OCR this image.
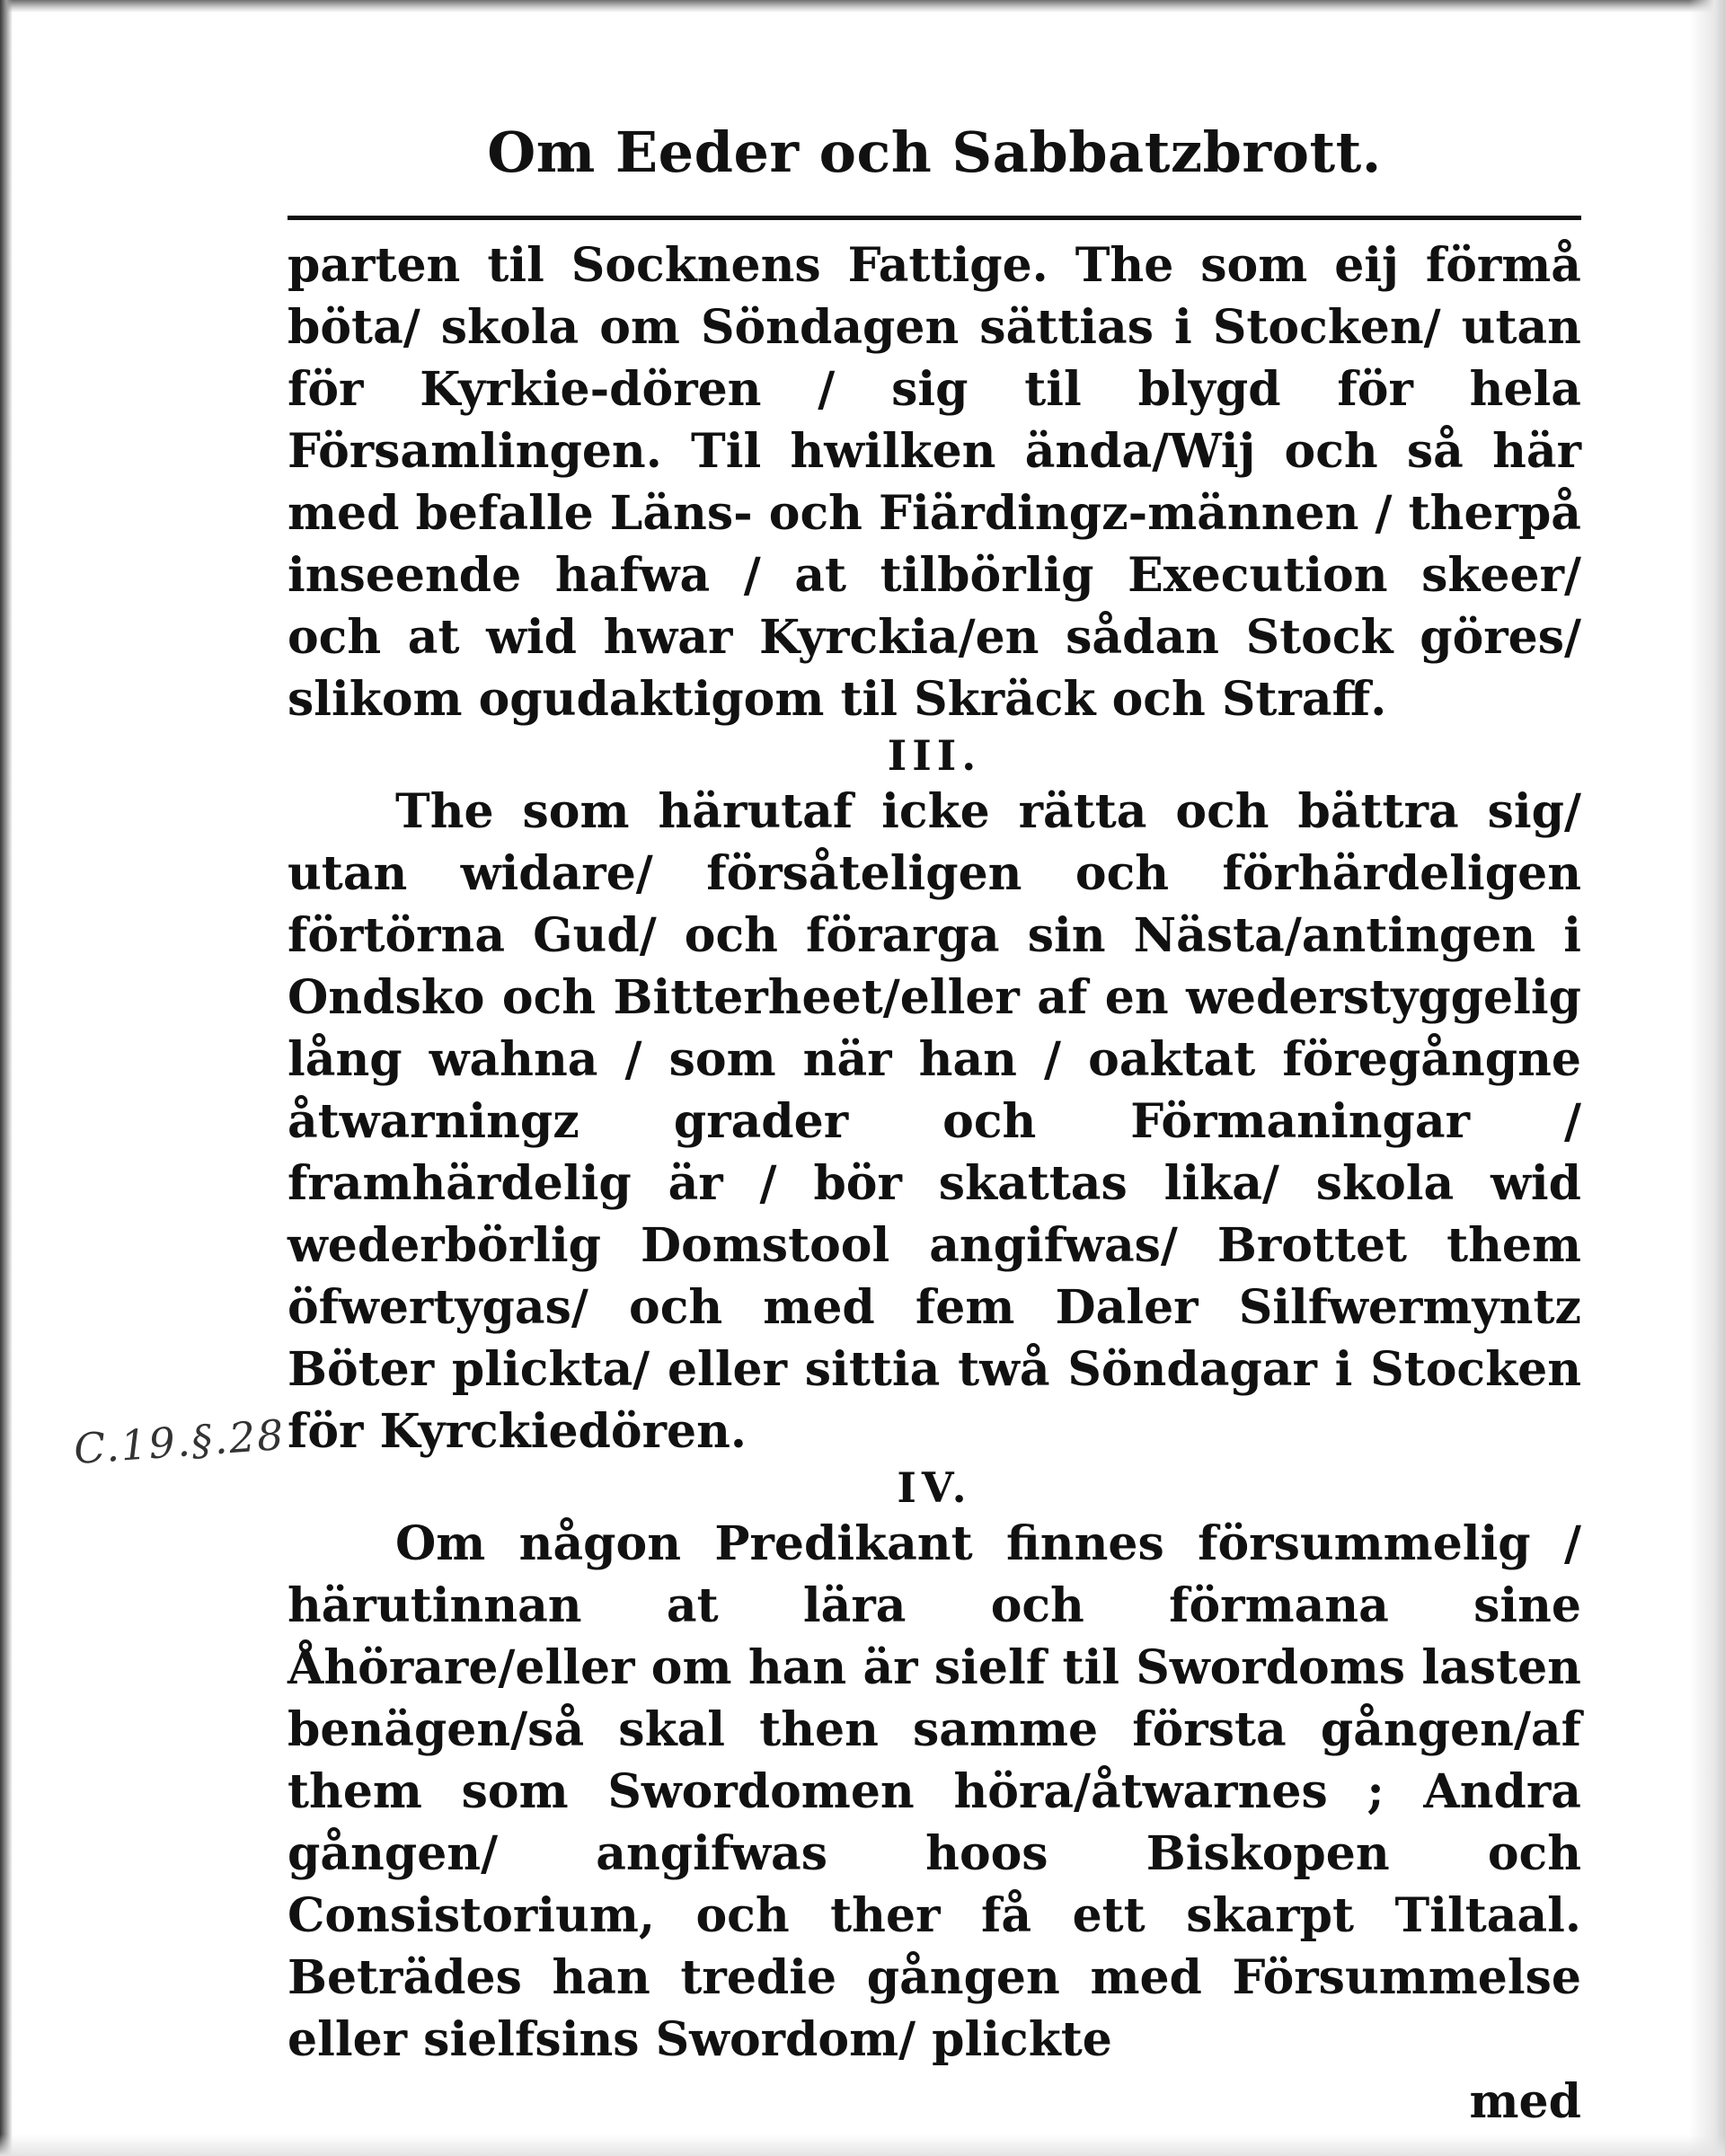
Om Eeder och Sabbatzbrott.

parten til Socknens Fattige. The som eij förmå böta/ skola om Söndagen sättias i Stocken/ utan för Kyrkie-dören / sig til blygd för hela Församlingen. Til hwilken ända/Wij och så här med befalle Läns- och Fiärdingz-männen / therpå inseende hafwa / at tilbörlig Execution skeer/ och at wid hwar Kyrckia/en sådan Stock göres/ slikom ogudaktigom til Skräck och Straff.

III.

The som härutaf icke rätta och bättra sig/ utan widare/ försåteligen och förhärdeligen förtörna Gud/ och förarga sin Nästa/antingen i Ondsko och Bitterheet/eller af en wederstyggelig lång wahna / som när han / oaktat föregångne åtwarningz grader och Förmaningar / framhärdelig är / bör skattas lika/ skola wid wederbörlig Domstool angifwas/ Brottet them öfwertygas/ och med fem Daler Silfwermyntz Böter plickta/ eller sittia twå Söndagar i Stocken för Kyrckiedören.

IV.

Om någon Predikant finnes försummelig / härutinnan at lära och förmana sine Åhörare/eller om han är sielf til Swordoms lasten benägen/så skal then samme första gången/af them som Swordomen höra/åtwarnes ; Andra gången/ angifwas hoos Biskopen och Consistorium, och ther få ett skarpt Tiltaal. Beträdes han tredie gången med Försummelse eller sielfsins Swordom/ plickte

med
C.19.§.28
